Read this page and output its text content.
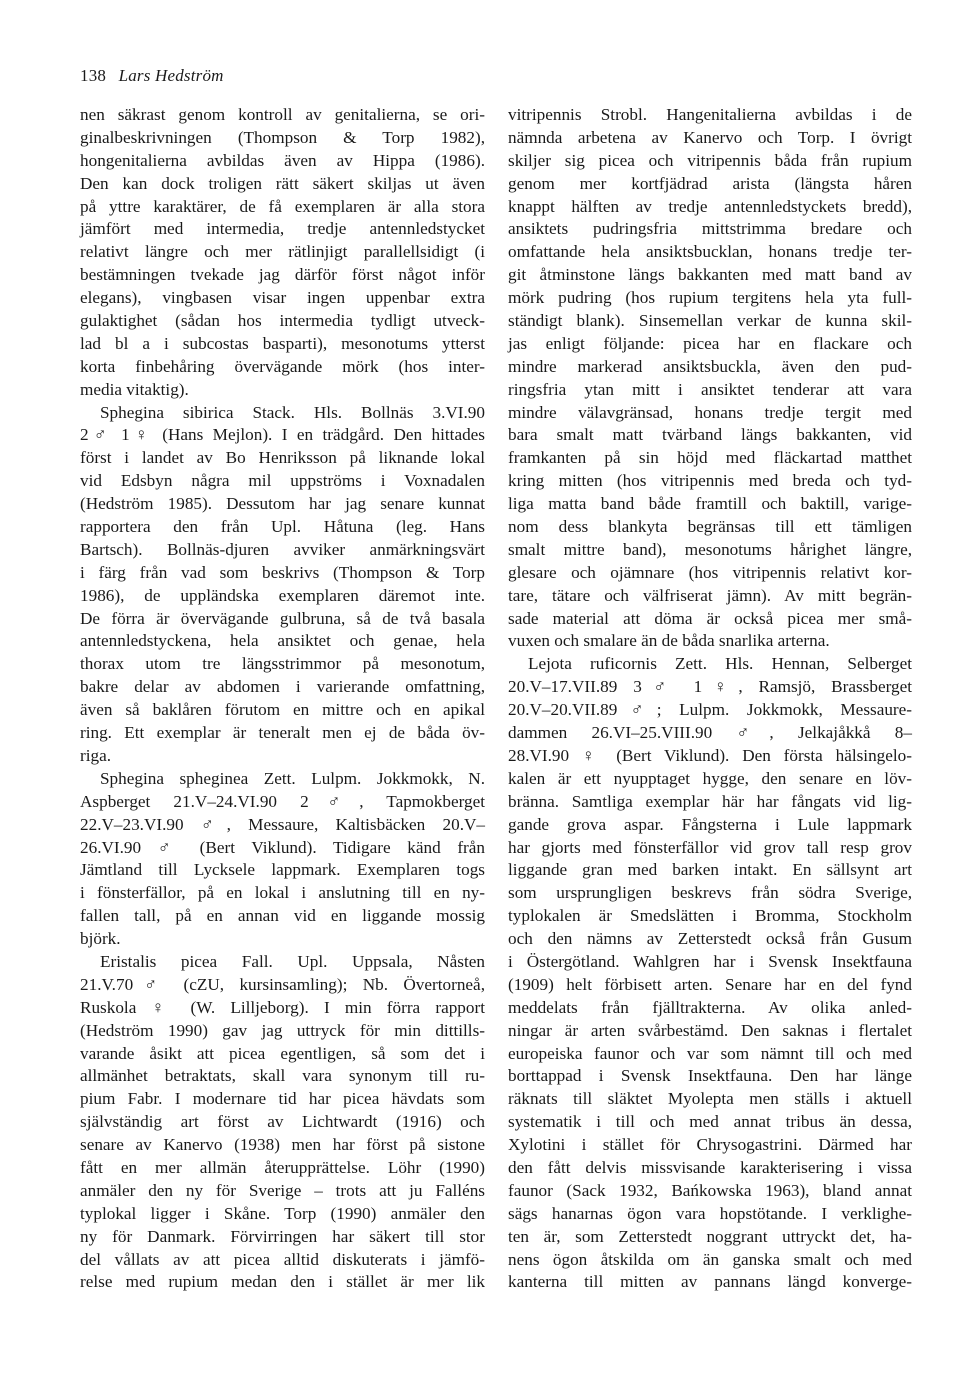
138 Lars Hedström
nen säkrast genom kontroll av genitalierna, se ori-
ginalbeskrivningen (Thompson & Torp 1982),
hongenitalierna avbildas även av Hippa (1986).
Den kan dock troligen rätt säkert skiljas ut även
på yttre karaktärer, de få exemplaren är alla stora
jämfört med intermedia, tredje antennledstycket
relativt längre och mer rätlinjigt parallellsidigt (i
bestämningen tvekade jag därför först något inför
elegans), vingbasen visar ingen uppenbar extra
gulaktighet (sådan hos intermedia tydligt utveck-
lad bl a i subcostas basparti), mesonotums ytterst
korta finbehåring övervägande mörk (hos inter-
media vitaktig).
Sphegina sibirica Stack. Hls. Bollnäs 3.VI.90
2♂ 1♀ (Hans Mejlon). I en trädgård. Den hittades
först i landet av Bo Henriksson på liknande lokal
vid Edsbyn några mil uppströms i Voxnadalen
(Hedström 1985). Dessutom har jag senare kunnat
rapportera den från Upl. Håtuna (leg. Hans
Bartsch). Bollnäs-djuren avviker anmärkningsvärt
i färg från vad som beskrivs (Thompson & Torp
1986), de uppländska exemplaren däremot inte.
De förra är övervägande gulbruna, så de två basala
antennledstyckena, hela ansiktet och genae, hela
thorax utom tre längsstrimmor på mesonotum,
bakre delar av abdomen i varierande omfattning,
även så baklåren förutom en mittre och en apikal
ring. Ett exemplar är teneralt men ej de båda öv-
riga.
Sphegina spheginea Zett. Lulpm. Jokkmokk, N.
Aspberget 21.V–24.VI.90 2♂, Tapmokberget
22.V–23.VI.90 ♂, Messaure, Kaltisbäcken 20.V–
26.VI.90 ♂ (Bert Viklund). Tidigare känd från
Jämtland till Lycksele lappmark. Exemplaren togs
i fönsterfällor, på en lokal i anslutning till en ny-
fallen tall, på en annan vid en liggande mossig
björk.
Eristalis picea Fall. Upl. Uppsala, Nåsten
21.V.70♂ (cZU, kursinsamling); Nb. Övertorneå,
Ruskola ♀ (W. Lilljeborg). I min förra rapport
(Hedström 1990) gav jag uttryck för min dittills-
varande åsikt att picea egentligen, så som det i
allmänhet betraktats, skall vara synonym till ru-
pium Fabr. I modernare tid har picea hävdats som
självständig art först av Lichtwardt (1916) och
senare av Kanervo (1938) men har först på sistone
fått en mer allmän återupprättelse. Löhr (1990)
anmäler den ny för Sverige – trots att ju Falléns
typlokal ligger i Skåne. Torp (1990) anmäler den
ny för Danmark. Förvirringen har säkert till stor
del vållats av att picea alltid diskuterats i jämfö-
relse med rupium medan den i stället är mer lik
vitripennis Strobl. Hangenitalierna avbildas i de
nämnda arbetena av Kanervo och Torp. I övrigt
skiljer sig picea och vitripennis båda från rupium
genom mer kortfjädrad arista (längsta håren
knappt hälften av tredje antennledstyckets bredd),
ansiktets pudringsfria mittstrimma bredare och
omfattande hela ansiktsbucklan, honans tredje ter-
git åtminstone längs bakkanten med matt band av
mörk pudring (hos rupium tergitens hela yta full-
ständigt blank). Sinsemellan verkar de kunna skil-
jas enligt följande: picea har en flackare och
mindre markerad ansiktsbuckla, även den pud-
ringsfria ytan mitt i ansiktet tenderar att vara
mindre välavgränsad, honans tredje tergit med
bara smalt matt tvärband längs bakkanten, vid
framkanten på sin höjd med fläckartad matthet
kring mitten (hos vitripennis med breda och tyd-
liga matta band både framtill och baktill, varige-
nom dess blankyta begränsas till ett tämligen
smalt mittre band), mesonotums hårighet längre,
glesare och ojämnare (hos vitripennis relativt kor-
tare, tätare och välfriserat jämn). Av mitt begrän-
sade material att döma är också picea mer små-
vuxen och smalare än de båda snarlika arterna.
Lejota ruficornis Zett. Hls. Hennan, Selberget
20.V–17.VII.89 3♂ 1♀, Ramsjö, Brassberget
20.V–20.VII.89♂; Lulpm. Jokkmokk, Messaure-
dammen 26.VI–25.VIII.90 ♂, Jelkajåkkå 8–
28.VI.90 ♀ (Bert Viklund). Den första hälsingelo-
kalen är ett nyupptaget hygge, den senare en löv-
bränna. Samtliga exemplar här har fångats vid lig-
gande grova aspar. Fångsterna i Lule lappmark
har gjorts med fönsterfällor vid grov tall resp grov
liggande gran med barken intakt. En sällsynt art
som ursprungligen beskrevs från södra Sverige,
typlokalen är Smedslätten i Bromma, Stockholm
och den nämns av Zetterstedt också från Gusum
i Östergötland. Wahlgren har i Svensk Insektfauna
(1909) helt förbisett arten. Senare har en del fynd
meddelats från fjälltrakterna. Av olika anled-
ningar är arten svårbestämd. Den saknas i flertalet
europeiska faunor och var som nämnt till och med
borttappad i Svensk Insektfauna. Den har länge
räknats till släktet Myolepta men ställs i aktuell
systematik i till och med annat tribus än dessa,
Xylotini i stället för Chrysogastrini. Därmed har
den fått delvis missvisande karakterisering i vissa
faunor (Sack 1932, Bańkowska 1963), bland annat
sägs hanarnas ögon vara hopstötande. I verklighe-
ten är, som Zetterstedt noggrant uttryckt det, ha-
nens ögon åtskilda om än ganska smalt och med
kanterna till mitten av pannans längd konverge-
